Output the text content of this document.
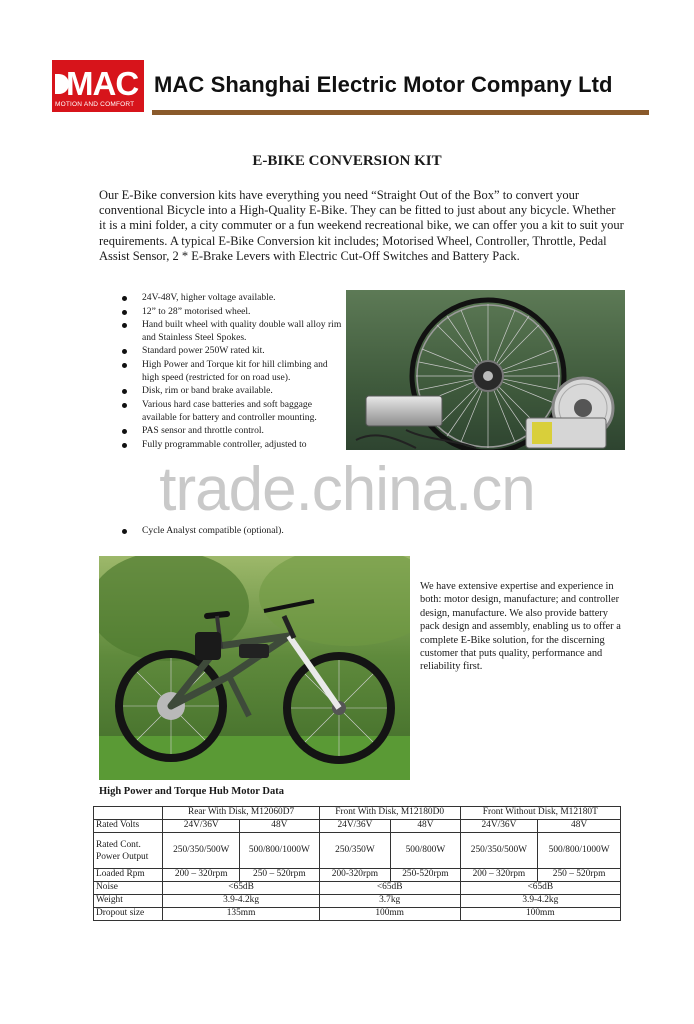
MAC
MOTION AND COMFORT
MAC Shanghai Electric Motor Company Ltd
E-BIKE CONVERSION KIT
Our E-Bike conversion kits have everything you need “Straight Out of the Box” to convert your conventional Bicycle into a High-Quality E-Bike. They can be fitted to just about any bicycle. Whether it is a mini folder, a city commuter or a fun weekend recreational bike, we can offer you a kit to suit your requirements. A typical E-Bike Conversion kit includes; Motorised Wheel, Controller, Throttle, Pedal Assist Sensor, 2 * E-Brake Levers with Electric Cut-Off Switches and Battery Pack.
24V-48V, higher voltage available.
12” to 28” motorised wheel.
Hand built wheel with quality double wall alloy rim and Stainless Steel Spokes.
Standard power 250W rated kit.
High Power and Torque kit for hill climbing and high speed (restricted for on road use).
Disk, rim or band brake available.
Various hard case batteries and soft baggage available for battery and controller mounting.
PAS sensor and throttle control.
Fully programmable controller, adjusted to
trade.china.cn
Cycle Analyst compatible (optional).
We have extensive expertise and experience in both: motor design, manufacture; and controller design, manufacture. We also provide battery pack design and assembly, enabling us to offer a complete E-Bike solution, for the discerning customer that puts quality, performance and reliability first.
High Power and Torque Hub Motor Data
	Rear With Disk, M12060D7		Front With Disk, M12180D0		Front Without Disk, M12180T	
Rated Volts	24V/36V	48V	24V/36V	48V	24V/36V	48V
Rated Cont. Power Output	250/350/500W	500/800/1000W	250/350W	500/800W	250/350/500W	500/800/1000W
Loaded Rpm	200 – 320rpm	250 – 520rpm	200-320rpm	250-520rpm	200 – 320rpm	250 – 520rpm
Noise	<65dB		<65dB		<65dB	
Weight	3.9-4.2kg		3.7kg		3.9-4.2kg	
Dropout size	135mm		100mm		100mm	
